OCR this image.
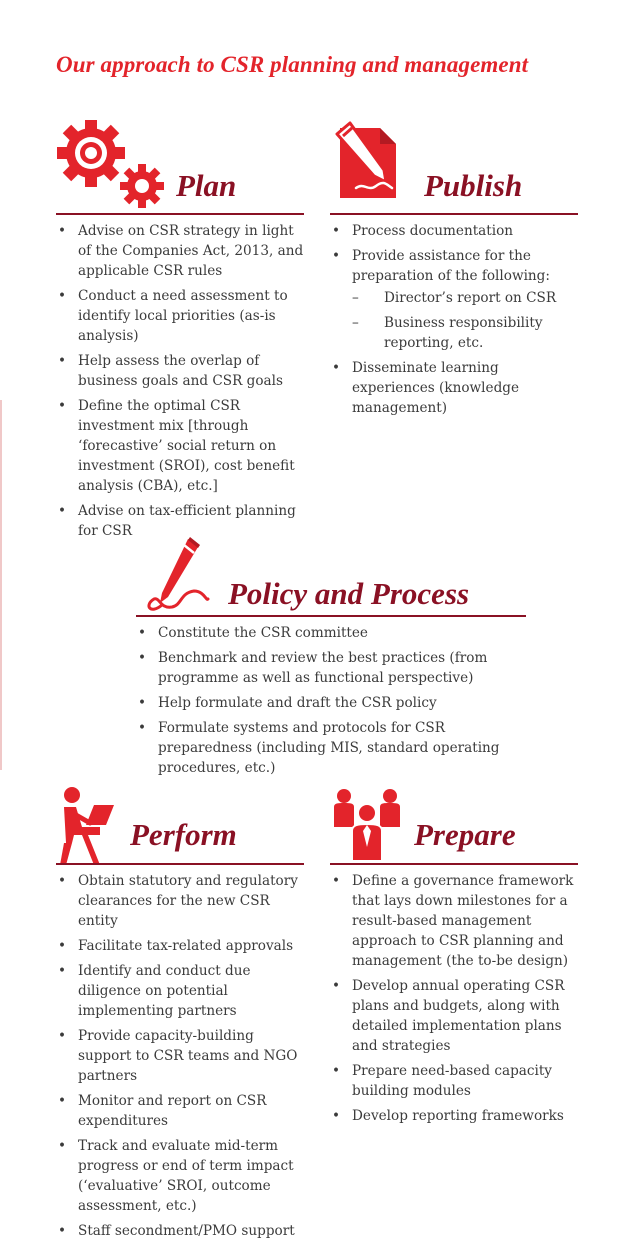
Our approach to CSR planning and management
Plan
• Advise on CSR strategy in light of the Companies Act, 2013, and applicable CSR rules
• Conduct a need assessment to identify local priorities (as-is analysis)
• Help assess the overlap of business goals and CSR goals
• Define the optimal CSR investment mix [through ‘forecastive’ social return on investment (SROI), cost benefit analysis (CBA), etc.]
• Advise on tax-efficient planning for CSR
Publish
• Process documentation
• Provide assistance for the preparation of the following:
– Director’s report on CSR
– Business responsibility reporting, etc.
• Disseminate learning experiences (knowledge management)
Policy and Process
• Constitute the CSR committee
• Benchmark and review the best practices (from programme as well as functional perspective)
• Help formulate and draft the CSR policy
• Formulate systems and protocols for CSR preparedness (including MIS, standard operating procedures, etc.)
Perform
• Obtain statutory and regulatory clearances for the new CSR entity
• Facilitate tax-related approvals
• Identify and conduct due diligence on potential implementing partners
• Provide capacity-building support to CSR teams and NGO partners
• Monitor and report on CSR expenditures
• Track and evaluate mid-term progress or end of term impact (‘evaluative’ SROI, outcome assessment, etc.)
• Staff secondment/PMO support
Prepare
• Define a governance framework that lays down milestones for a result-based management approach to CSR planning and management (the to-be design)
• Develop annual operating CSR plans and budgets, along with detailed implementation plans and strategies
• Prepare need-based capacity building modules
• Develop reporting frameworks
